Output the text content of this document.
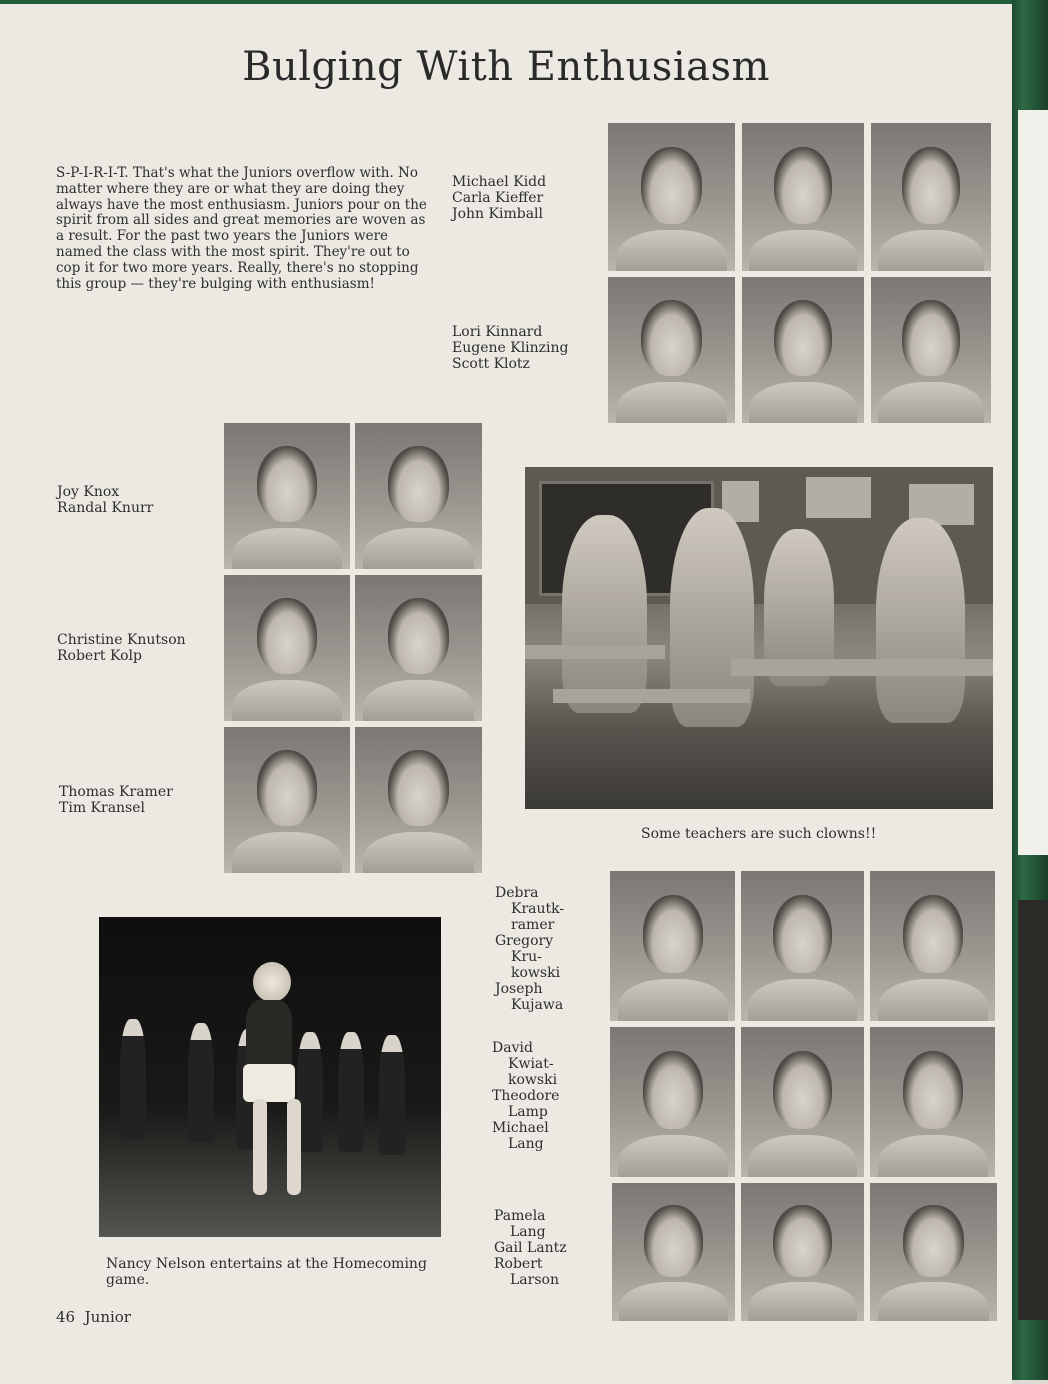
Bulging With Enthusiasm

S-P-I-R-I-T. That's what the Juniors overflow with. No matter where they are or what they are doing they always have the most enthusiasm. Juniors pour on the spirit from all sides and great memories are woven as a result. For the past two years the Juniors were named the class with the most spirit. They're out to cop it for two more years. Really, there's no stopping this group — they're bulging with enthusiasm!

Michael Kidd
Carla Kieffer
John Kimball
Lori Kinnard
Eugene Klinzing
Scott Klotz
Joy Knox
Randal Knurr
Christine Knutson
Robert Kolp
Thomas Kramer
Tim Kransel
Some teachers are such clowns!!
Nancy Nelson entertains at the Homecoming game.
Debra
Krautk-
ramer
Gregory
Kru-
kowski
Joseph
Kujawa
David
Kwiat-
kowski
Theodore
Lamp
Michael
Lang
Pamela
Lang
Gail Lantz
Robert
Larson
46 Junior
